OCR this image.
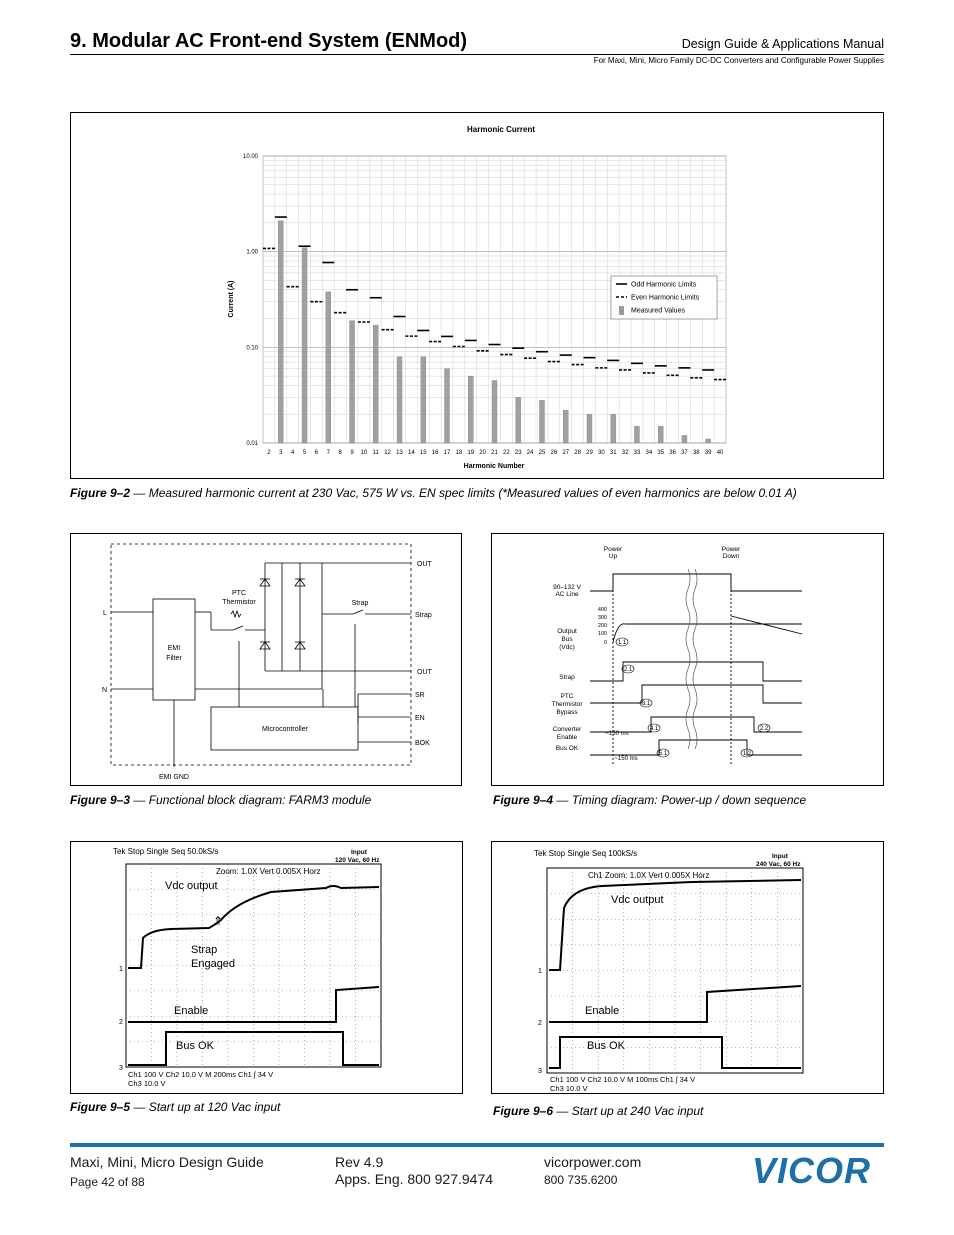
9. Modular AC Front-end System (ENMod)	Design Guide & Applications Manual
For Maxi, Mini, Micro Family DC-DC Converters and Configurable Power Supplies
Harmonic Current
Current (A)
Harmonic Number
10.00
1.00
0.10
0.01
2 3 4 5 6 7 8 9 10 11 12 13 14 15 16 17 18 19 20 21 22 23 24 25 26 27 28 29 30 31 32 33 34 35 36 37 38 39 40
Odd Harmonic Limits
Even Harmonic Limits
Measured Values
Figure 9–2 — Measured harmonic current at 230 Vac, 575 W vs. EN spec limits (*Measured values of even harmonics are below 0.01 A)
OUT
Strap
OUT
SR
EN
BOK
L
N
EMI
Filter
PTC
Thermistor	Strap
Microcontroller
EMI GND
Figure 9–3 — Functional block diagram: FARM3 module
Power
Up
Power
Down
90–132 V
AC Line
Output
Bus
(Vdc)
Strap
PTC
Thermistor
Bypass
Converter
Enable
Bus OK
400
300
200
100
0
~150 ms
~150 ms
1.1
2.1
3.1
4.1
5.1
2.2
1.2
Figure 9–4 — Timing diagram: Power-up / down sequence
Tek Stop Single Seq 50.0kS/s	Input
120 Vac, 60 Hz
Zoom: 1.0X Vert 0.005X Horz
1
2
3
Vdc output
⇑
Strap
Engaged
Enable
Bus OK
Ch1 100 V Ch2 10.0 V M 200ms Ch1 ʃ 34 V
Ch3 10.0 V
Figure 9–5 — Start up at 120 Vac input
Tek Stop Single Seq 100kS/s	Input
240 Vac, 60 Hz
Ch1 Zoom: 1.0X Vert 0.005X Horz
1
2
3
Vdc output
Enable
Bus OK
Ch1 100 V Ch2 10.0 V M 100ms Ch1 ʃ 34 V
Ch3 10.0 V
Figure 9–6 — Start up at 240 Vac input
Maxi, Mini, Micro Design Guide
Page 42 of 88
Rev 4.9
Apps. Eng. 800 927.9474
vicorpower.com
800 735.6200	VICOR
